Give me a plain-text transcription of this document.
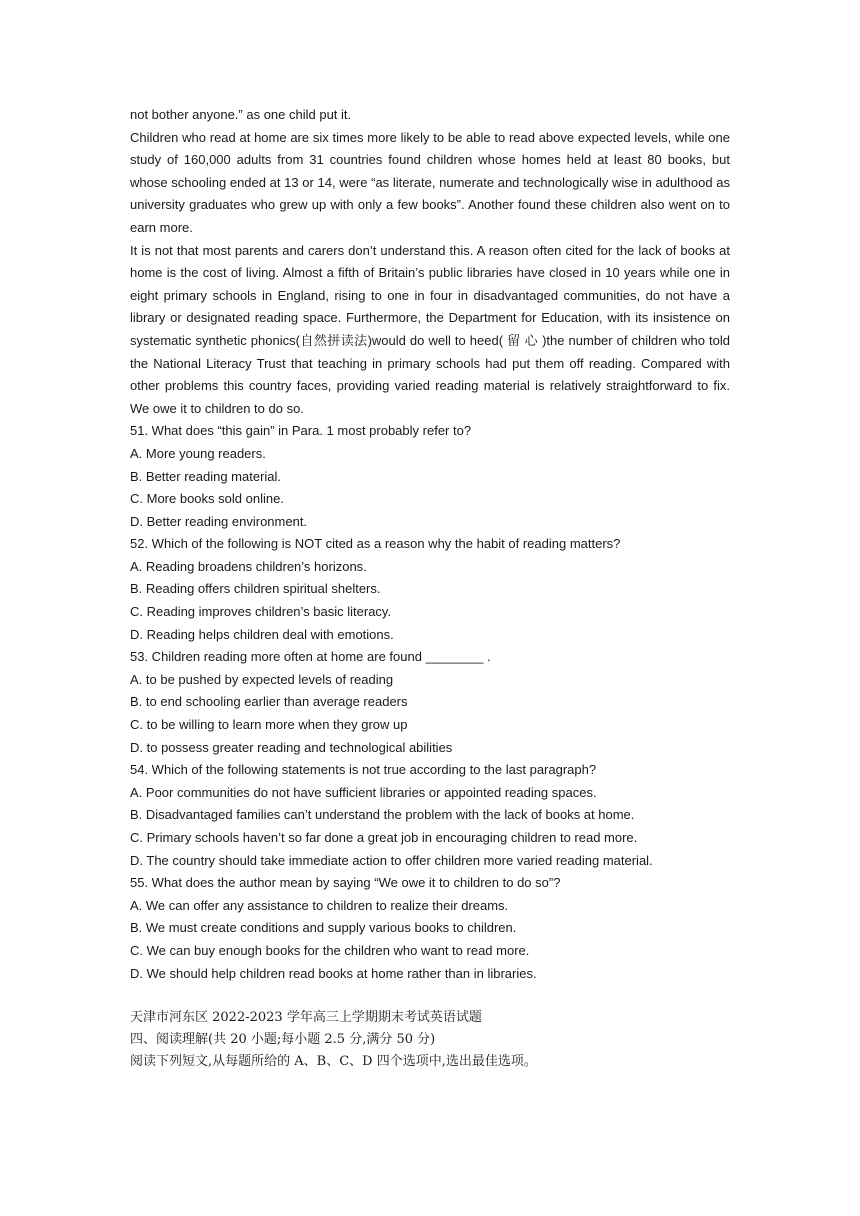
not bother anyone.” as one child put it.

Children who read at home are six times more likely to be able to read above expected levels, while one study of 160,000 adults from 31 countries found children whose homes held at least 80 books, but whose schooling ended at 13 or 14, were “as literate, numerate and technologically wise in adulthood as university graduates who grew up with only a few books”. Another found these children also went on to earn more.

It is not that most parents and carers don’t understand this. A reason often cited for the lack of books at home is the cost of living. Almost a fifth of Britain’s public libraries have closed in 10 years while one in eight primary schools in England, rising to one in four in disadvantaged communities, do not have a library or designated reading space. Furthermore, the Department for Education, with its insistence on systematic synthetic phonics(自然拼读法)would do well to heed( 留 心 )the number of children who told the National Literacy Trust that teaching in primary schools had put them off reading. Compared with other problems this country faces, providing varied reading material is relatively straightforward to fix. We owe it to children to do so.

51. What does “this gain” in Para. 1 most probably refer to?

A. More young readers.

B. Better reading material.

C. More books sold online.

D. Better reading environment.

52. Which of the following is NOT cited as a reason why the habit of reading matters?

A. Reading broadens children’s horizons.

B. Reading offers children spiritual shelters.

C. Reading improves children’s basic literacy.

D. Reading helps children deal with emotions.

53. Children reading more often at home are found ________ .

A. to be pushed by expected levels of reading

B. to end schooling earlier than average readers

C. to be willing to learn more when they grow up

D. to possess greater reading and technological abilities

54. Which of the following statements is not true according to the last paragraph?

A. Poor communities do not have sufficient libraries or appointed reading spaces.

B. Disadvantaged families can’t understand the problem with the lack of books at home.

C. Primary schools haven’t so far done a great job in encouraging children to read more.

D. The country should take immediate action to offer children more varied reading material.

55. What does the author mean by saying “We owe it to children to do so”?

A. We can offer any assistance to children to realize their dreams.

B. We must create conditions and supply various books to children.

C. We can buy enough books for the children who want to read more.

D. We should help children read books at home rather than in libraries.

天津市河东区 2022-2023 学年高三上学期期末考试英语试题

四、阅读理解(共 20 小题;每小题 2.5 分,满分 50 分)

阅读下列短文,从每题所给的 A、B、C、D 四个选项中,选出最佳选项。
